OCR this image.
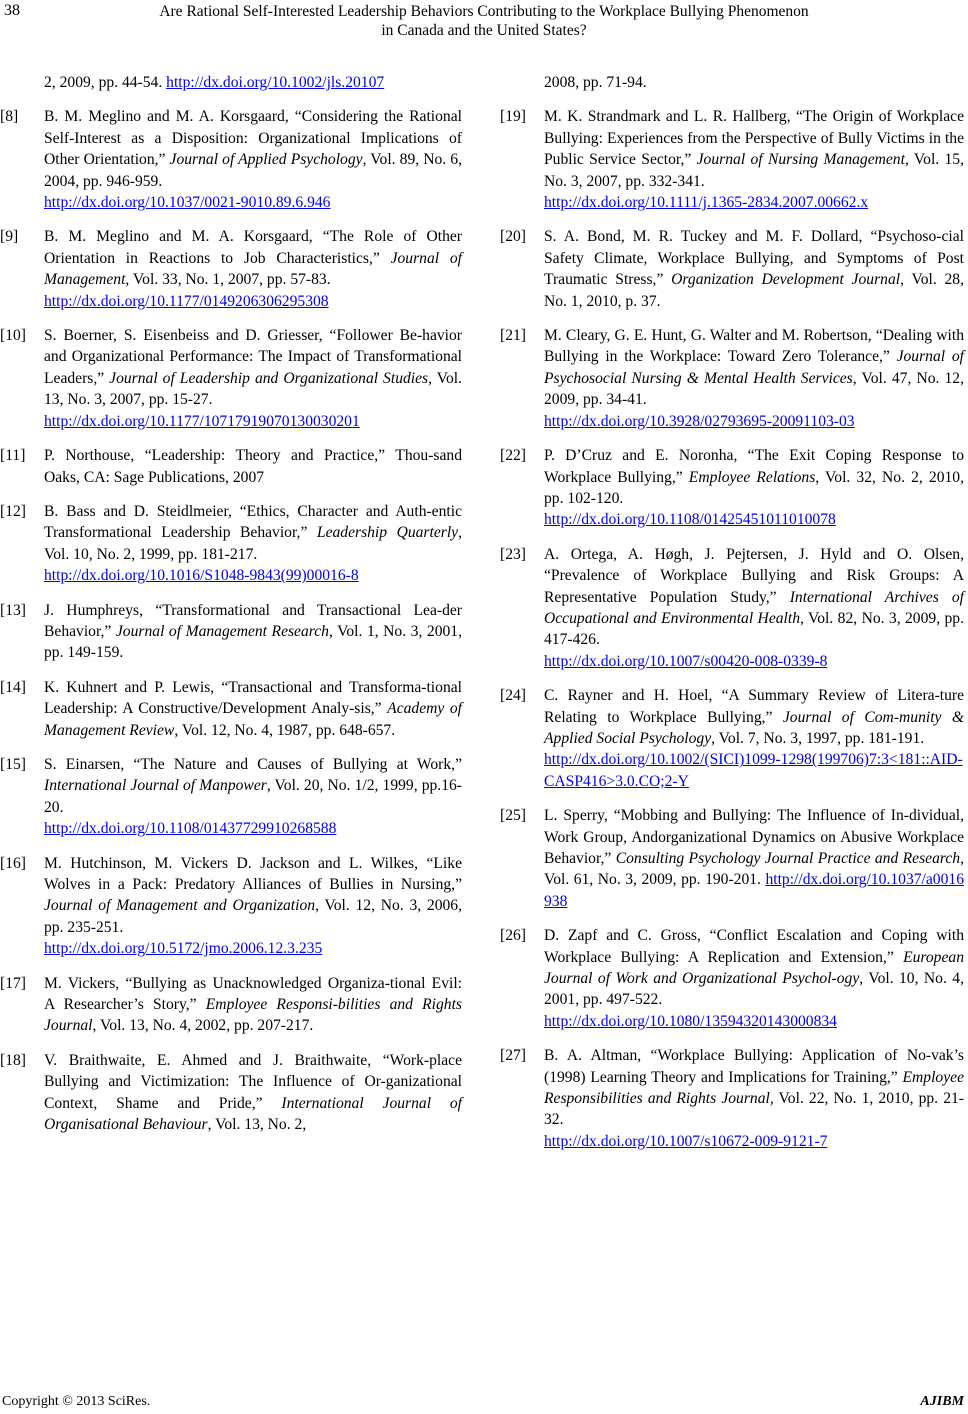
38	Are Rational Self-Interested Leadership Behaviors Contributing to the Workplace Bullying Phenomenon
in Canada and the United States?
2, 2009, pp. 44-54. http://dx.doi.org/10.1002/jls.20107
[8] B. M. Meglino and M. A. Korsgaard, “Considering the Rational Self-Interest as a Disposition: Organizational Implications of Other Orientation,” Journal of Applied Psychology, Vol. 89, No. 6, 2004, pp. 946-959.
http://dx.doi.org/10.1037/0021-9010.89.6.946
[9] B. M. Meglino and M. A. Korsgaard, “The Role of Other Orientation in Reactions to Job Characteristics,” Journal of Management, Vol. 33, No. 1, 2007, pp. 57-83.
http://dx.doi.org/10.1177/0149206306295308
[10] S. Boerner, S. Eisenbeiss and D. Griesser, “Follower Be-havior and Organizational Performance: The Impact of Transformational Leaders,” Journal of Leadership and Organizational Studies, Vol. 13, No. 3, 2007, pp. 15-27.
http://dx.doi.org/10.1177/10717919070130030201
[11] P. Northouse, “Leadership: Theory and Practice,” Thou-sand Oaks, CA: Sage Publications, 2007
[12] B. Bass and D. Steidlmeier, “Ethics, Character and Auth-entic Transformational Leadership Behavior,” Leadership Quarterly, Vol. 10, No. 2, 1999, pp. 181-217.
http://dx.doi.org/10.1016/S1048-9843(99)00016-8
[13] J. Humphreys, “Transformational and Transactional Lea-der Behavior,” Journal of Management Research, Vol. 1, No. 3, 2001, pp. 149-159.
[14] K. Kuhnert and P. Lewis, “Transactional and Transforma-tional Leadership: A Constructive/Development Analy-sis,” Academy of Management Review, Vol. 12, No. 4, 1987, pp. 648-657.
[15] S. Einarsen, “The Nature and Causes of Bullying at Work,” International Journal of Manpower, Vol. 20, No. 1/2, 1999, pp.16-20.
http://dx.doi.org/10.1108/01437729910268588
[16] M. Hutchinson, M. Vickers D. Jackson and L. Wilkes, “Like Wolves in a Pack: Predatory Alliances of Bullies in Nursing,” Journal of Management and Organization, Vol. 12, No. 3, 2006, pp. 235-251.
http://dx.doi.org/10.5172/jmo.2006.12.3.235
[17] M. Vickers, “Bullying as Unacknowledged Organiza-tional Evil: A Researcher’s Story,” Employee Responsi-bilities and Rights Journal, Vol. 13, No. 4, 2002, pp. 207-217.
[18] V. Braithwaite, E. Ahmed and J. Braithwaite, “Work-place Bullying and Victimization: The Influence of Or-ganizational Context, Shame and Pride,” International Journal of Organisational Behaviour, Vol. 13, No. 2,
2008, pp. 71-94.
[19] M. K. Strandmark and L. R. Hallberg, “The Origin of Workplace Bullying: Experiences from the Perspective of Bully Victims in the Public Service Sector,” Journal of Nursing Management, Vol. 15, No. 3, 2007, pp. 332-341.
http://dx.doi.org/10.1111/j.1365-2834.2007.00662.x
[20] S. A. Bond, M. R. Tuckey and M. F. Dollard, “Psychoso-cial Safety Climate, Workplace Bullying, and Symptoms of Post Traumatic Stress,” Organization Development Journal, Vol. 28, No. 1, 2010, p. 37.
[21] M. Cleary, G. E. Hunt, G. Walter and M. Robertson, “Dealing with Bullying in the Workplace: Toward Zero Tolerance,” Journal of Psychosocial Nursing & Mental Health Services, Vol. 47, No. 12, 2009, pp. 34-41.
http://dx.doi.org/10.3928/02793695-20091103-03
[22] P. D’Cruz and E. Noronha, “The Exit Coping Response to Workplace Bullying,” Employee Relations, Vol. 32, No. 2, 2010, pp. 102-120.
http://dx.doi.org/10.1108/01425451011010078
[23] A. Ortega, A. Høgh, J. Pejtersen, J. Hyld and O. Olsen, “Prevalence of Workplace Bullying and Risk Groups: A Representative Population Study,” International Archives of Occupational and Environmental Health, Vol. 82, No. 3, 2009, pp. 417-426.
http://dx.doi.org/10.1007/s00420-008-0339-8
[24] C. Rayner and H. Hoel, “A Summary Review of Litera-ture Relating to Workplace Bullying,” Journal of Com-munity & Applied Social Psychology, Vol. 7, No. 3, 1997, pp. 181-191.
http://dx.doi.org/10.1002/(SICI)1099-1298(199706)7:3<181::AID-CASP416>3.0.CO;2-Y
[25] L. Sperry, “Mobbing and Bullying: The Influence of In-dividual, Work Group, Andorganizational Dynamics on Abusive Workplace Behavior,” Consulting Psychology Journal Practice and Research, Vol. 61, No. 3, 2009, pp. 190-201. http://dx.doi.org/10.1037/a0016938
[26] D. Zapf and C. Gross, “Conflict Escalation and Coping with Workplace Bullying: A Replication and Extension,” European Journal of Work and Organizational Psychol-ogy, Vol. 10, No. 4, 2001, pp. 497-522.
http://dx.doi.org/10.1080/13594320143000834
[27] B. A. Altman, “Workplace Bullying: Application of No-vak’s (1998) Learning Theory and Implications for Training,” Employee Responsibilities and Rights Journal, Vol. 22, No. 1, 2010, pp. 21-32.
http://dx.doi.org/10.1007/s10672-009-9121-7
Copyright © 2013 SciRes.	AJIBM
